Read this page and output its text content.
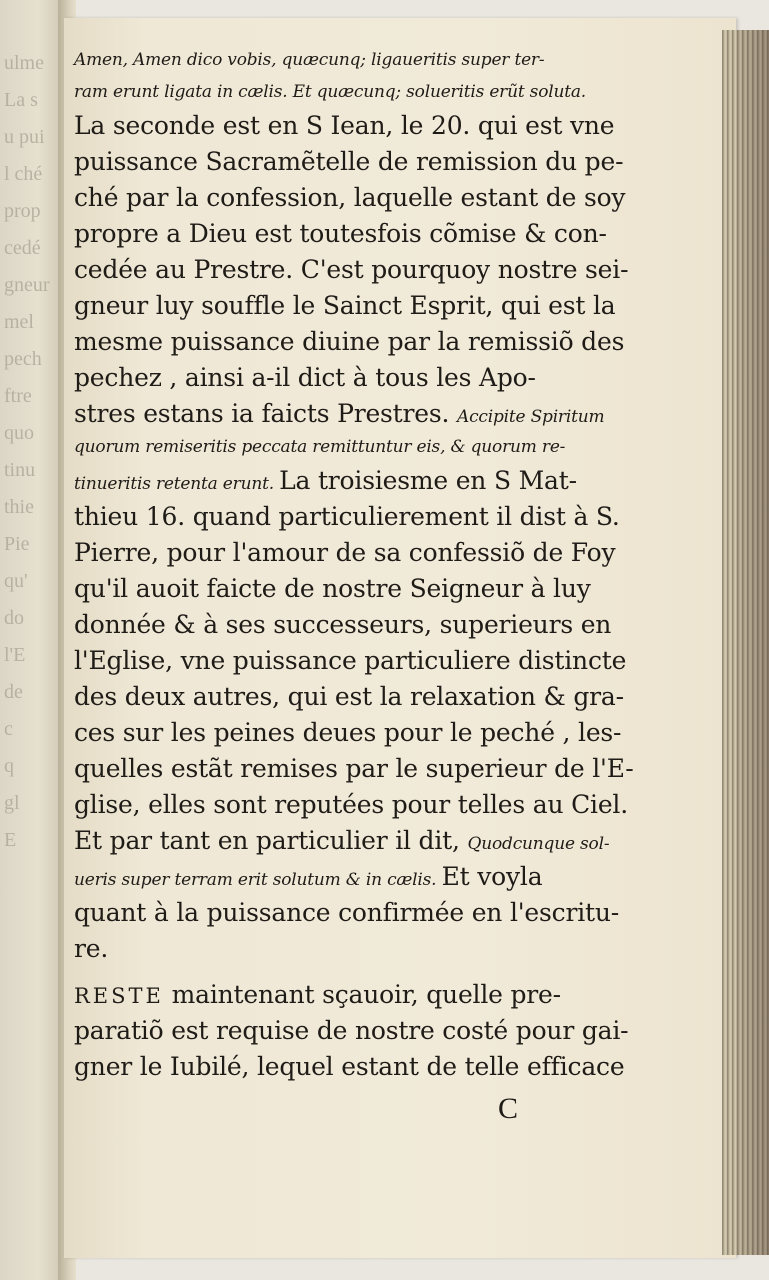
ulme
La s
u pui
l ché
prop
cedé
gneur
mel
pech
ftre
quo
tinu
thie
Pie
qu'
do
l'E
de
c
q
gl
E
Amen, Amen dico vobis, quæcunq; ligaueritis super ter-
ram erunt ligata in cælis. Et quæcunq; solueritis erũt soluta.
La seconde est en S Iean, le 20. qui est vne
puissance Sacramẽtelle de remission du pe-
ché par la confession, laquelle estant de soy
propre a Dieu est toutesfois cõmise & con-
cedée au Prestre. C'est pourquoy nostre sei-
gneur luy souffle le Sainct Esprit, qui est la
mesme puissance diuine par la remissiõ des
pechez , ainsi a-il dict à tous les Apo-
stres estans ia faicts Prestres. Accipite Spiritum
quorum remiseritis peccata remittuntur eis, & quorum re-
tinueritis retenta erunt. La troisiesme en S Mat-
thieu 16. quand particulierement il dist à S.
Pierre, pour l'amour de sa confessiõ de Foy
qu'il auoit faicte de nostre Seigneur à luy
donnée & à ses successeurs, superieurs en
l'Eglise, vne puissance particuliere distincte
des deux autres, qui est la relaxation & gra-
ces sur les peines deues pour le peché , les-
quelles estãt remises par le superieur de l'E-
glise, elles sont reputées pour telles au Ciel.
Et par tant en particulier il dit, Quodcunque sol-
ueris super terram erit solutum & in cælis. Et voyla
quant à la puissance confirmée en l'escritu-
re.
RESTE maintenant sçauoir, quelle pre-
paratiõ est requise de nostre costé pour gai-
gner le Iubilé, lequel estant de telle efficace
C
